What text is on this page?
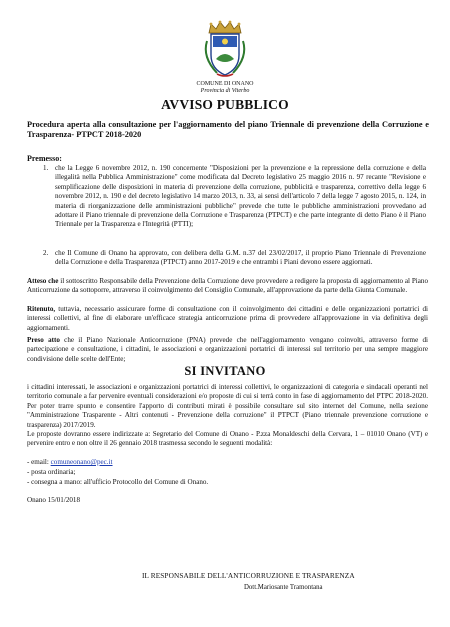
COMUNE DI ONANO
Provincia di Viterbo
AVVISO PUBBLICO
Procedura aperta alla consultazione per l'aggiornamento del piano Triennale di prevenzione della Corruzione e Trasparenza- PTPCT 2018-2020
Premesso:
1. che la Legge 6 novembre 2012, n. 190 concernente "Disposizioni per la prevenzione e la repressione della corruzione e della illegalità nella Pubblica Amministrazione" come modificata dal Decreto legislativo 25 maggio 2016 n. 97 recante "Revisione e semplificazione delle disposizioni in materia di prevenzione della corruzione, pubblicità e trasparenza, correttivo della legge 6 novembre 2012, n. 190 e del decreto legislativo 14 marzo 2013, n. 33, ai sensi dell'articolo 7 della legge 7 agosto 2015, n. 124, in materia di riorganizzazione delle amministrazioni pubbliche" prevede che tutte le pubbliche amministrazioni provvedano ad adottare il Piano triennale di prevenzione della Corruzione e Trasparenza (PTPCT) e che parte integrante di detto Piano è il Piano Triennale per la Trasparenza e l'Integrità (PTTI);
2. che Il Comune di Onano ha approvato, con delibera della G.M. n.37 del 23/02/2017, il proprio Piano Triennale di Prevenzione della Corruzione e della Trasparenza (PTPCT) anno 2017-2019 e che entrambi i Piani devono essere aggiornati.
Atteso che il sottoscritto Responsabile della Prevenzione della Corruzione deve provvedere a redigere la proposta di aggiornamento al Piano Anticorruzione da sottoporre, attraverso il coinvolgimento del Consiglio Comunale, all'approvazione da parte della Giunta Comunale.
Ritenuto, tuttavia, necessario assicurare forme di consultazione con il coinvolgimento dei cittadini e delle organizzazioni portatrici di interessi collettivi, al fine di elaborare un'efficace strategia anticorruzione prima di provvedere all'approvazione in via definitiva degli aggiornamenti.
Preso atto che il Piano Nazionale Anticorruzione (PNA) prevede che nell'aggiornamento vengano coinvolti, attraverso forme di partecipazione e consultazione, i cittadini, le associazioni e organizzazioni portatrici di interessi sul territorio per una sempre maggiore condivisione delle scelte dell'Ente;
SI INVITANO
i cittadini interessati, le associazioni e organizzazioni portatrici di interessi collettivi, le organizzazioni di categoria e sindacali operanti nel territorio comunale a far pervenire eventuali considerazioni e/o proposte di cui si terrà conto in fase di aggiornamento del PTPC 2018-2020. Per poter trarre spunto e consentire l'apporto di contributi mirati è possibile consultare sul sito internet del Comune, nella sezione "Amministrazione Trasparente - Altri contenuti - Prevenzione della corruzione" il PTPCT (Piano triennale prevenzione corruzione e trasparenza) 2017/2019.
Le proposte dovranno essere indirizzate a: Segretario del Comune di Onano - P.zza Monaldeschi della Cervara, 1 – 01010 Onano (VT) e pervenire entro e non oltre il 26 gennaio 2018 trasmessa secondo le seguenti modalità:
- email: comuneonano@pec.it
- posta ordinaria;
- consegna a mano: all'ufficio Protocollo del Comune di Onano.
Onano 15/01/2018
IL RESPONSABILE DELL'ANTICORRUZIONE E TRASPARENZA
Dott.Mariosante Tramontana
